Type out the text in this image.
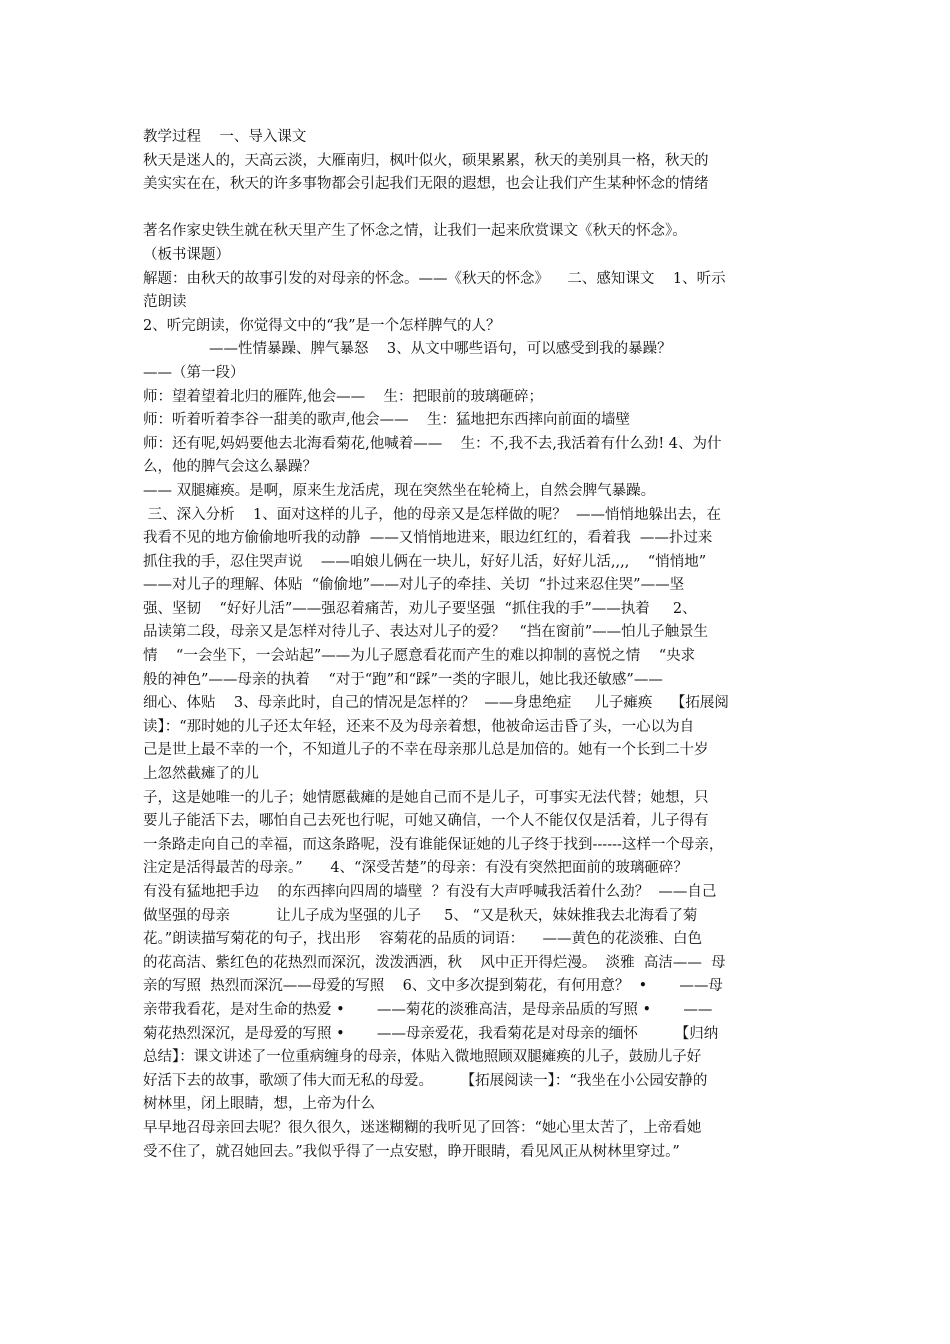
教学过程    一、导入课文
秋天是迷人的，天高云淡，大雁南归，枫叶似火，硕果累累，秋天的美别具一格，秋天的
美实实在在，秋天的许多事物都会引起我们无限的遐想，也会让我们产生某种怀念的情绪
著名作家史铁生就在秋天里产生了怀念之情，让我们一起来欣赏课文《秋天的怀念》。
（板书课题）
解题：由秋天的故事引发的对母亲的怀念。——《秋天的怀念》    二、感知课文    1、听示
范朗读
2、听完朗读，你觉得文中的“我”是一个怎样脾气的人？
——性情暴躁、脾气暴怒    3、从文中哪些语句，可以感受到我的暴躁？
——（第一段）
师：望着望着北归的雁阵,他会——    生：把眼前的玻璃砸碎；
师：听着听着李谷一甜美的歌声,他会——    生：猛地把东西摔向前面的墙壁
师：还有呢,妈妈要他去北海看菊花,他喊着——    生：不,我不去,我活着有什么劲! 4、为什
么，他的脾气会这么暴躁？
—— 双腿瘫痪。是啊，原来生龙活虎，现在突然坐在轮椅上，自然会脾气暴躁。
三、深入分析    1、面对这样的儿子，他的母亲又是怎样做的呢？  ——悄悄地躲出去，在
我看不见的地方偷偷地听我的动静  ——又悄悄地进来，眼边红红的，看着我  ——扑过来
抓住我的手，忍住哭声说    ——咱娘儿俩在一块儿，好好儿活，好好儿活,,,,    “悄悄地”
——对儿子的理解、体贴  “偷偷地”——对儿子的牵挂、关切  “扑过来忍住哭”——坚
强、坚韧    “好好儿活”——强忍着痛苦，劝儿子要坚强  “抓住我的手”——执着     2、
品读第二段，母亲又是怎样对待儿子、表达对儿子的爱？   “挡在窗前”——怕儿子触景生
情    “一会坐下，一会站起”——为儿子愿意看花而产生的难以抑制的喜悦之情    “央求
般的神色”——母亲的执着    “对于“跑”和“踩”一类的字眼儿，她比我还敏感”——
细心、体贴    3、母亲此时，自己的情况是怎样的？  ——身患绝症     儿子瘫痪    【拓展阅
读】：“那时她的儿子还太年轻，还来不及为母亲着想，他被命运击昏了头，一心以为自
己是世上最不幸的一个，不知道儿子的不幸在母亲那儿总是加倍的。她有一个长到二十岁
上忽然截瘫了的儿
子，这是她唯一的儿子；她情愿截瘫的是她自己而不是儿子，可事实无法代替；她想，只
要儿子能活下去，哪怕自己去死也行呢，可她又确信，一个人不能仅仅是活着，儿子得有
一条路走向自己的幸福，而这条路呢，没有谁能保证她的儿子终于找到------这样一个母亲，
注定是活得最苦的母亲。”      4、“深受苦楚”的母亲：有没有突然把面前的玻璃砸碎？
有没有猛地把手边    的东西摔向四周的墙壁  ？有没有大声呼喊我活着什么劲？  ——自己
做坚强的母亲          让儿子成为坚强的儿子     5、 “又是秋天，妹妹推我去北海看了菊
花。”朗读描写菊花的句子，找出形    容菊花的品质的词语：    ——黄色的花淡雅、白色
的花高洁、紫红色的花热烈而深沉，泼泼洒洒，秋    风中正开得烂漫。  淡雅  高洁——  母
亲的写照  热烈而深沉——母爱的写照    6、文中多次提到菊花，有何用意？  •       ——母
亲带我看花，是对生命的热爱 •       ——菊花的淡雅高洁，是母亲品质的写照 •       ——
菊花热烈深沉，是母爱的写照 •       ——母亲爱花，我看菊花是对母亲的缅怀        【归纳
总结】：课文讲述了一位重病缠身的母亲，体贴入微地照顾双腿瘫痪的儿子，鼓励儿子好
好活下去的故事，歌颂了伟大而无私的母爱。      【拓展阅读一】：“我坐在小公园安静的
树林里，闭上眼睛，想，上帝为什么
早早地召母亲回去呢？很久很久，迷迷糊糊的我听见了回答：“她心里太苦了，上帝看她
受不住了，就召她回去。”我似乎得了一点安慰，睁开眼睛，看见风正从树林里穿过。”
